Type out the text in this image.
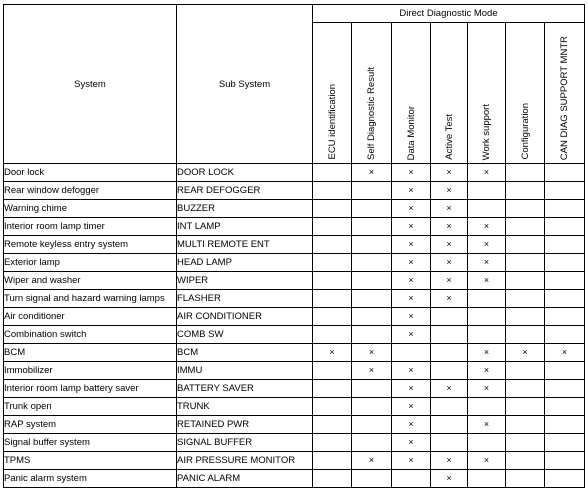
System	Sub System	Direct Diagnostic Mode						
		ECU identification	Self Diagnostic Result	Data Monitor	Active Test	Work support	Configuration	CAN DIAG SUPPORT MNTR
Door lock	DOOR LOCK		×	×	×	×		
Rear window defogger	REAR DEFOGGER			×	×			
Warning chime	BUZZER			×	×			
Interior room lamp timer	INT LAMP			×	×	×		
Remote keyless entry system	MULTI REMOTE ENT			×	×	×		
Exterior lamp	HEAD LAMP			×	×	×		
Wiper and washer	WIPER			×	×	×		
Turn signal and hazard warning lamps	FLASHER			×	×			
Air conditioner	AIR CONDITIONER			×				
Combination switch	COMB SW			×				
BCM	BCM	×	×			×	×	×
Immobilizer	IMMU		×	×		×		
Interior room lamp battery saver	BATTERY SAVER			×	×	×		
Trunk open	TRUNK			×				
RAP system	RETAINED PWR			×		×		
Signal buffer system	SIGNAL BUFFER			×				
TPMS	AIR PRESSURE MONITOR		×	×	×	×		
Panic alarm system	PANIC ALARM				×			
